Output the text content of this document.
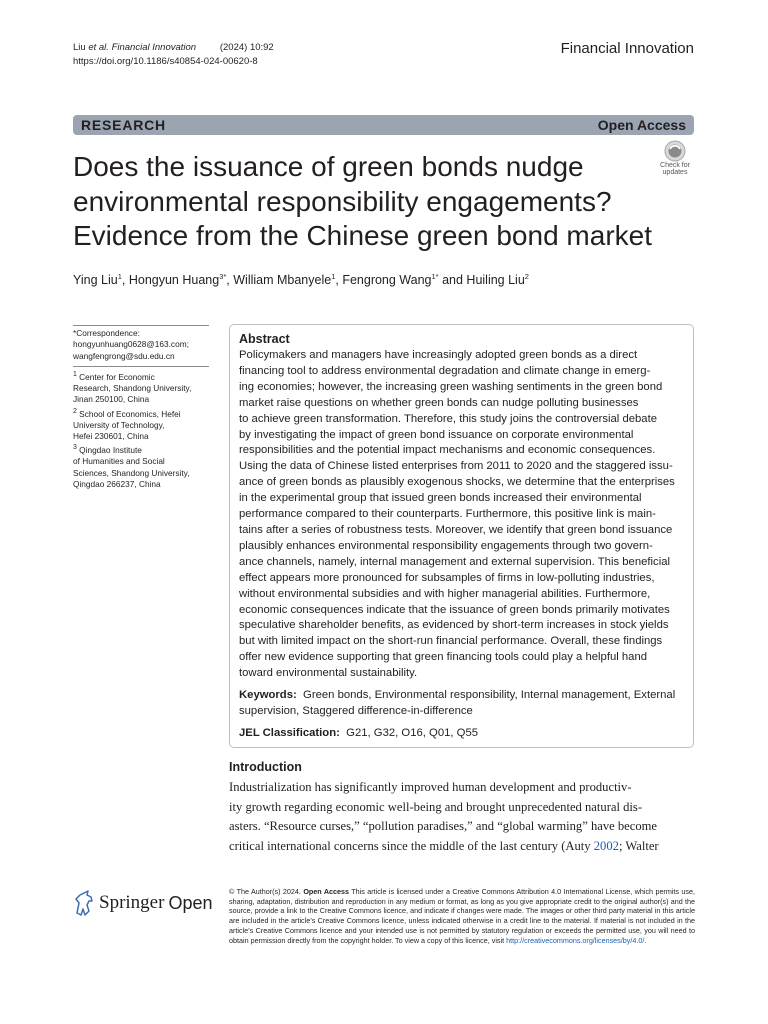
Liu et al. Financial Innovation	(2024) 10:92
https://doi.org/10.1186/s40854-024-00620-8
Financial Innovation
RESEARCH	Open Access
Does the issuance of green bonds nudge
environmental responsibility engagements?
Evidence from the Chinese green bond market
Check for
updates
Ying Liu$^1$, Hongyun Huang$^{3*}$, William Mbanyele$^1$, Fengrong Wang$^{1*}$ and Huiling Liu$^2$

*Correspondence:

hongyunhuang0628@163.com;

wangfengrong@sdu.edu.cn

$^1$ Center for Economic

Research, Shandong University,

Jinan 250100, China

$^2$ School of Economics, Hefei

University of Technology,

Hefei 230601, China

$^3$ Qingdao Institute

of Humanities and Social

Sciences, Shandong University,

Qingdao 266237, China

Abstract
Policymakers and managers have increasingly adopted green bonds as a direct
financing tool to address environmental degradation and climate change in emerg-
ing economies; however, the increasing green washing sentiments in the green bond
market raise questions on whether green bonds can nudge polluting businesses
to achieve green transformation. Therefore, this study joins the controversial debate
by investigating the impact of green bond issuance on corporate environmental
responsibilities and the potential impact mechanisms and economic consequences.
Using the data of Chinese listed enterprises from 2011 to 2020 and the staggered issu-
ance of green bonds as plausibly exogenous shocks, we determine that the enterprises
in the experimental group that issued green bonds increased their environmental
performance compared to their counterparts. Furthermore, this positive link is main-
tains after a series of robustness tests. Moreover, we identify that green bond issuance
plausibly enhances environmental responsibility engagements through two govern-
ance channels, namely, internal management and external supervision. This beneficial
effect appears more pronounced for subsamples of firms in low-polluting industries,
without environmental subsidies and with higher managerial abilities. Furthermore,
economic consequences indicate that the issuance of green bonds primarily motivates
speculative shareholder benefits, as evidenced by short-term increases in stock yields
but with limited impact on the short-run financial performance. Overall, these findings
offer new evidence supporting that green financing tools could play a helpful hand
toward environmental sustainability.
Keywords: Green bonds, Environmental responsibility, Internal management, External
supervision, Staggered difference-in-difference
JEL Classification: G21, G32, O16, Q01, Q55
Introduction
Industrialization has significantly improved human development and productiv-
ity growth regarding economic well-being and brought unprecedented natural dis-
asters. “Resource curses,” “pollution paradises,” and “global warming” have become
critical international concerns since the middle of the last century (Auty 2002; Walter
Springer Open
© The Author(s) 2024. Open Access This article is licensed under a Creative Commons Attribution 4.0 International License, which permits use, sharing, adaptation, distribution and reproduction in any medium or format, as long as you give appropriate credit to the original author(s) and the source, provide a link to the Creative Commons licence, and indicate if changes were made. The images or other third party material in this article are included in the article’s Creative Commons licence, unless indicated otherwise in a credit line to the material. If material is not included in the article’s Creative Commons licence and your intended use is not permitted by statutory regulation or exceeds the permitted use, you will need to obtain permission directly from the copyright holder. To view a copy of this licence, visit http://creativecommons.org/licenses/by/4.0/.
